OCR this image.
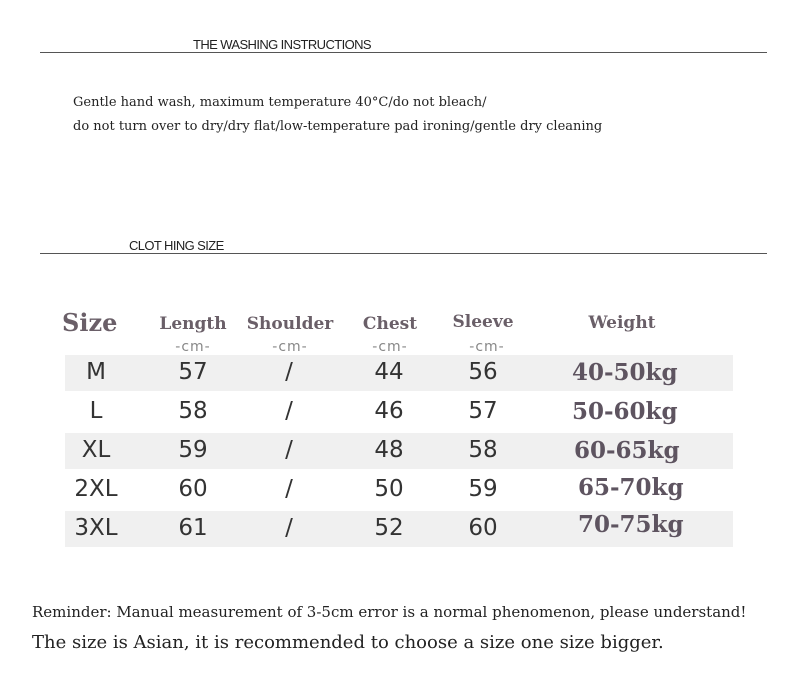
THE WASHING INSTRUCTIONS
Gentle hand wash, maximum temperature 40°C/do not bleach/
do not turn over to dry/dry flat/low-temperature pad ironing/gentle dry cleaning
CLOT HING SIZE
Size Length Shoulder Chest Sleeve	Weight
-cm-	-cm-	-cm-	-cm-
M	57	/	44	56	40-50kg
L	58	/	46	57	50-60kg
XL	59	/	48	58	60-65kg
2XL	60	/	50	59	65-70kg
3XL	61	/	52	60	70-75kg
Reminder: Manual measurement of 3-5cm error is a normal phenomenon, please understand!
The size is Asian, it is recommended to choose a size one size bigger.
